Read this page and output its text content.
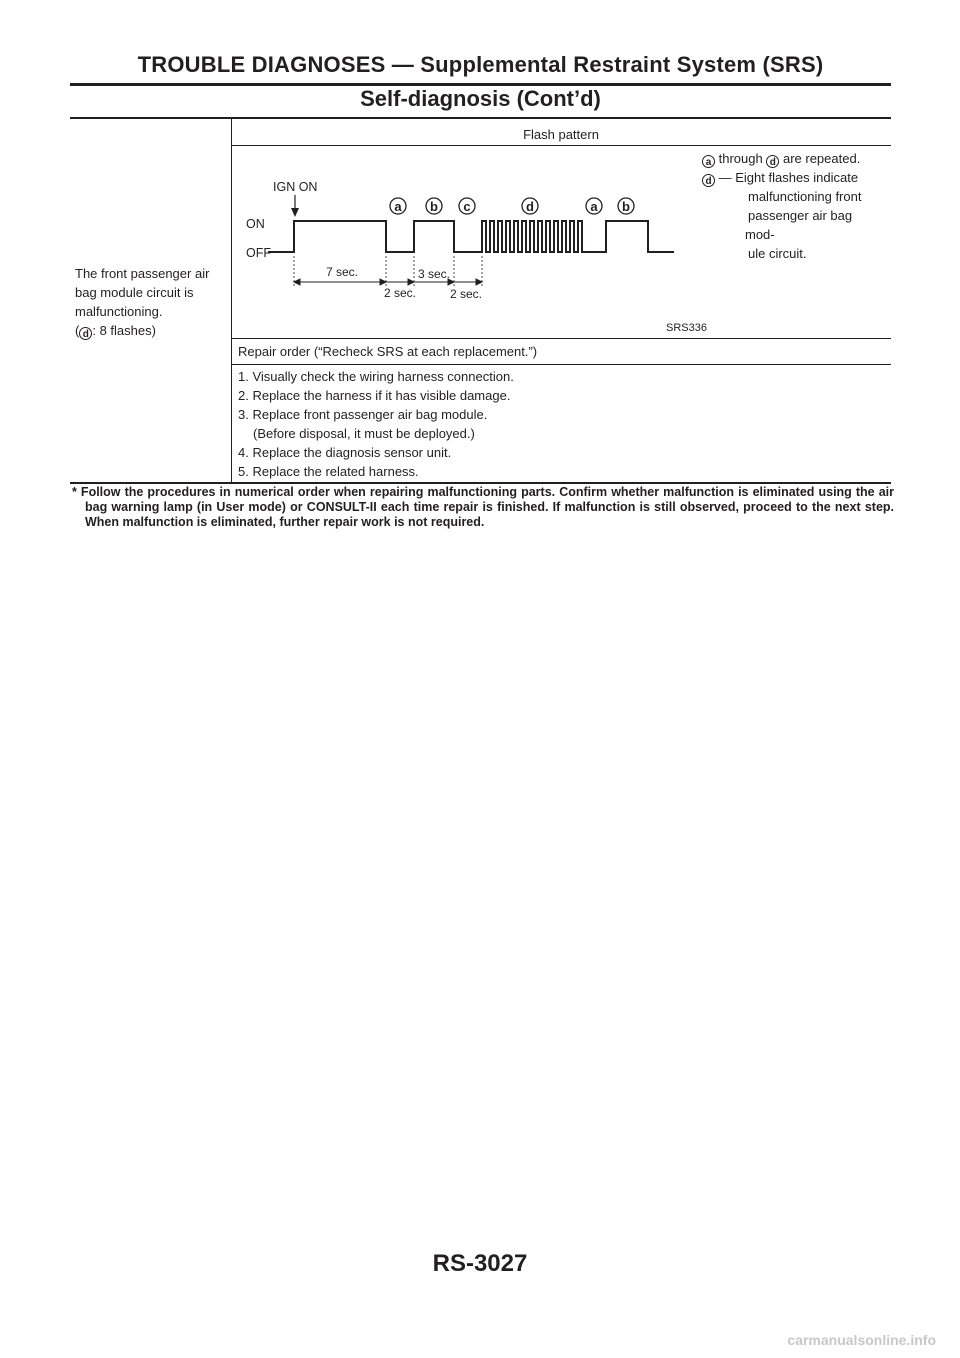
TROUBLE DIAGNOSES — Supplemental Restraint System (SRS)
Self-diagnosis (Cont’d)
The front passenger air
bag module circuit is
malfunctioning.
( d : 8 flashes)
Flash pattern
IGN ON
ON
OFF
a b c	d	a b
7 sec.	3 sec.
2 sec.	2 sec.
SRS336
a through d are repeated.
d — Eight flashes indicate
malfunctioning front
passenger air bag
mod-
ule circuit.
Repair order (“Recheck SRS at each replacement.”)
1. Visually check the wiring harness connection.
2. Replace the harness if it has visible damage.
3. Replace front passenger air bag module.
(Before disposal, it must be deployed.)
4. Replace the diagnosis sensor unit.
5. Replace the related harness.
* Follow the procedures in numerical order when repairing malfunctioning parts. Confirm whether malfunction is eliminated using the air bag warning lamp (in User mode) or CONSULT-II each time repair is finished. If malfunction is still observed, proceed to the next step. When malfunction is eliminated, further repair work is not required.
RS-3027
carmanualsonline.info
